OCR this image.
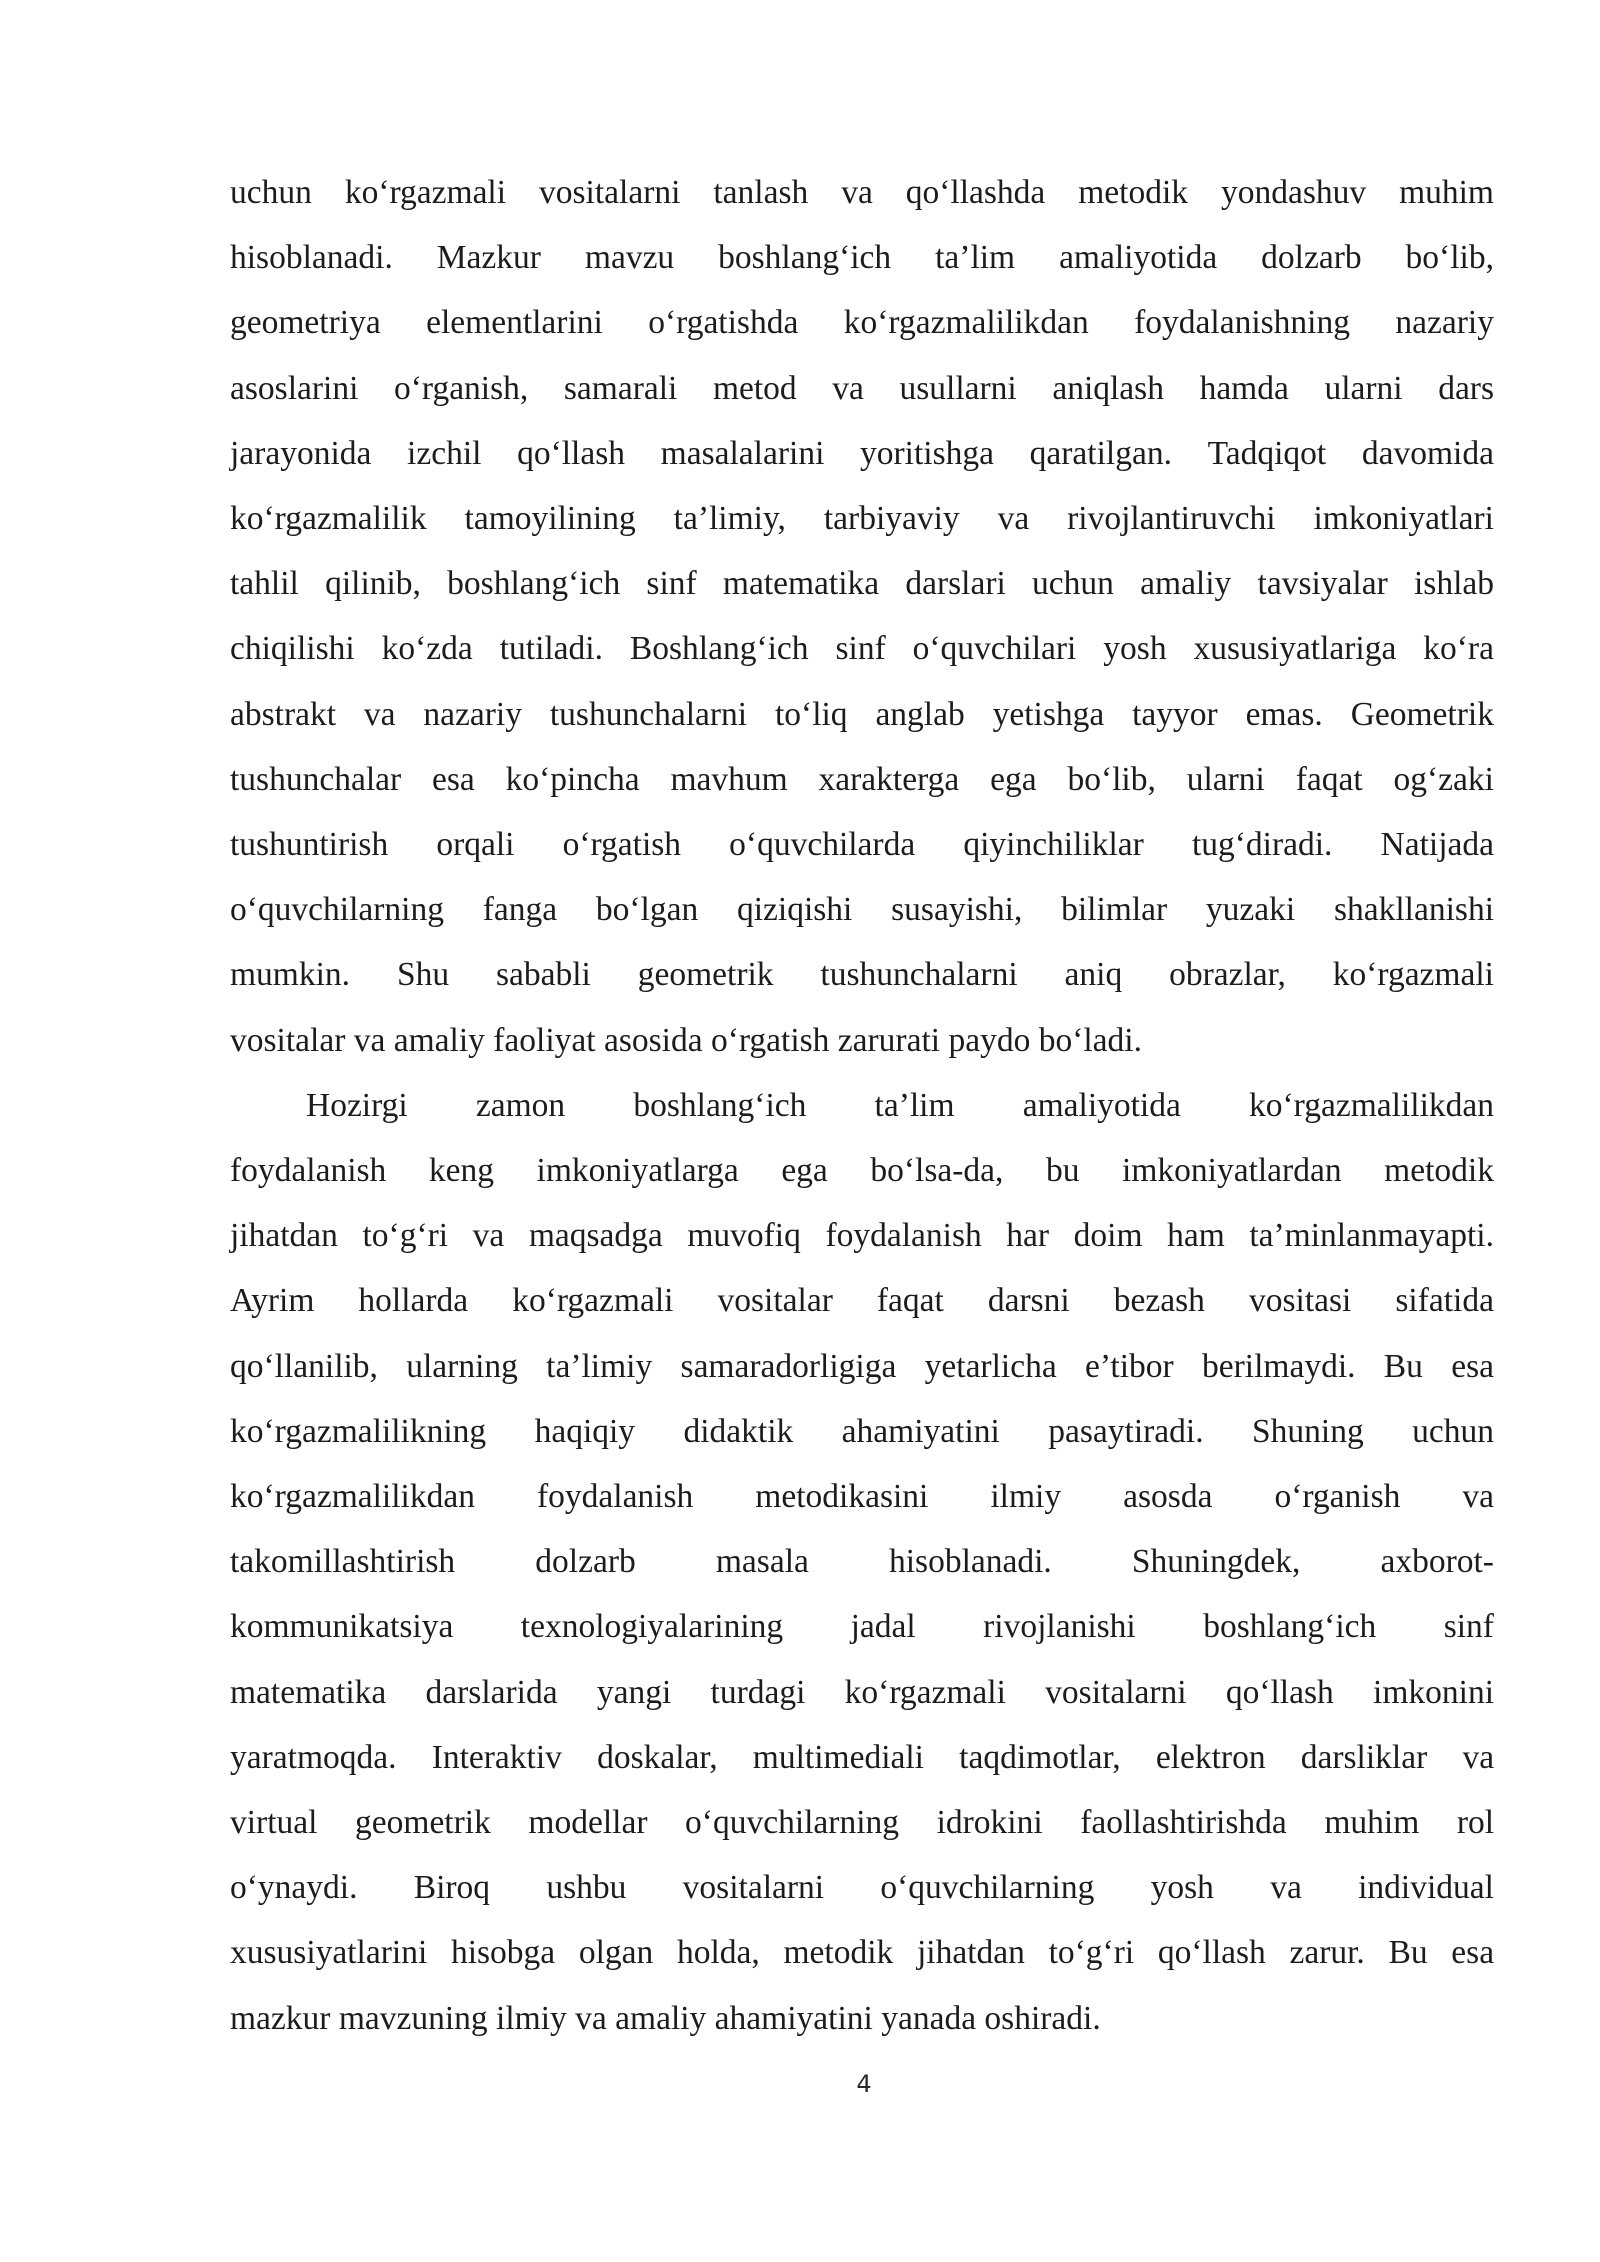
uchun ko‘rgazmali vositalarni tanlash va qo‘llashda metodik yondashuv muhim
hisoblanadi. Mazkur mavzu boshlang‘ich ta’lim amaliyotida dolzarb bo‘lib,
geometriya elementlarini o‘rgatishda ko‘rgazmalilikdan foydalanishning nazariy
asoslarini o‘rganish, samarali metod va usullarni aniqlash hamda ularni dars
jarayonida izchil qo‘llash masalalarini yoritishga qaratilgan. Tadqiqot davomida
ko‘rgazmalilik tamoyilining ta’limiy, tarbiyaviy va rivojlantiruvchi imkoniyatlari
tahlil qilinib, boshlang‘ich sinf matematika darslari uchun amaliy tavsiyalar ishlab
chiqilishi ko‘zda tutiladi. Boshlang‘ich sinf o‘quvchilari yosh xususiyatlariga ko‘ra
abstrakt va nazariy tushunchalarni to‘liq anglab yetishga tayyor emas. Geometrik
tushunchalar esa ko‘pincha mavhum xarakterga ega bo‘lib, ularni faqat og‘zaki
tushuntirish orqali o‘rgatish o‘quvchilarda qiyinchiliklar tug‘diradi. Natijada
o‘quvchilarning fanga bo‘lgan qiziqishi susayishi, bilimlar yuzaki shakllanishi
mumkin. Shu sababli geometrik tushunchalarni aniq obrazlar, ko‘rgazmali
vositalar va amaliy faoliyat asosida o‘rgatish zarurati paydo bo‘ladi.

Hozirgi zamon boshlang‘ich ta’lim amaliyotida ko‘rgazmalilikdan
foydalanish keng imkoniyatlarga ega bo‘lsa-da, bu imkoniyatlardan metodik
jihatdan to‘g‘ri va maqsadga muvofiq foydalanish har doim ham ta’minlanmayapti.
Ayrim hollarda ko‘rgazmali vositalar faqat darsni bezash vositasi sifatida
qo‘llanilib, ularning ta’limiy samaradorligiga yetarlicha e’tibor berilmaydi. Bu esa
ko‘rgazmalilikning haqiqiy didaktik ahamiyatini pasaytiradi. Shuning uchun
ko‘rgazmalilikdan foydalanish metodikasini ilmiy asosda o‘rganish va
takomillashtirish dolzarb masala hisoblanadi. Shuningdek, axborot-
kommunikatsiya texnologiyalarining jadal rivojlanishi boshlang‘ich sinf
matematika darslarida yangi turdagi ko‘rgazmali vositalarni qo‘llash imkonini
yaratmoqda. Interaktiv doskalar, multimediali taqdimotlar, elektron darsliklar va
virtual geometrik modellar o‘quvchilarning idrokini faollashtirishda muhim rol
o‘ynaydi. Biroq ushbu vositalarni o‘quvchilarning yosh va individual
xususiyatlarini hisobga olgan holda, metodik jihatdan to‘g‘ri qo‘llash zarur. Bu esa
mazkur mavzuning ilmiy va amaliy ahamiyatini yanada oshiradi.

4
